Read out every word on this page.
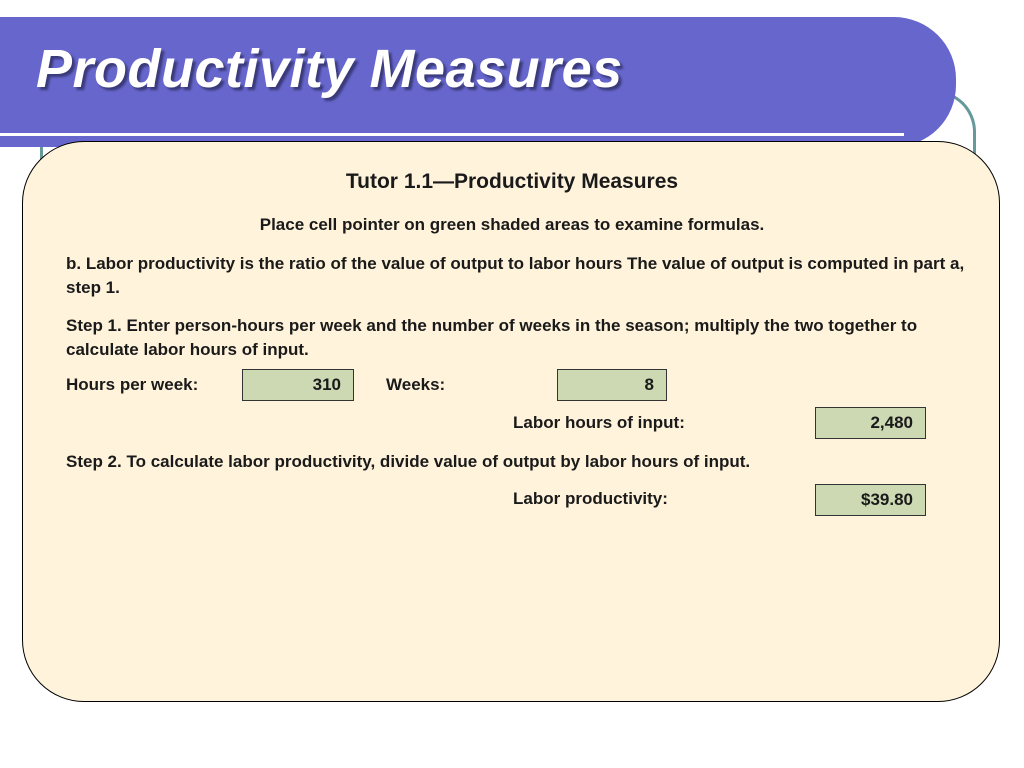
Productivity Measures
Tutor 1.1—Productivity Measures
Place cell pointer on green shaded areas to examine formulas.
b. Labor productivity is the ratio of the value of output to labor hours The value of output is computed in part a, step 1.
Step 1. Enter person-hours per week and the number of weeks in the season; multiply the two together to calculate labor hours of input.
Hours per week:	310	Weeks:	8
Labor hours of input:	2,480
Step 2. To calculate labor productivity, divide value of output by labor hours of input.
Labor productivity:	$39.80
